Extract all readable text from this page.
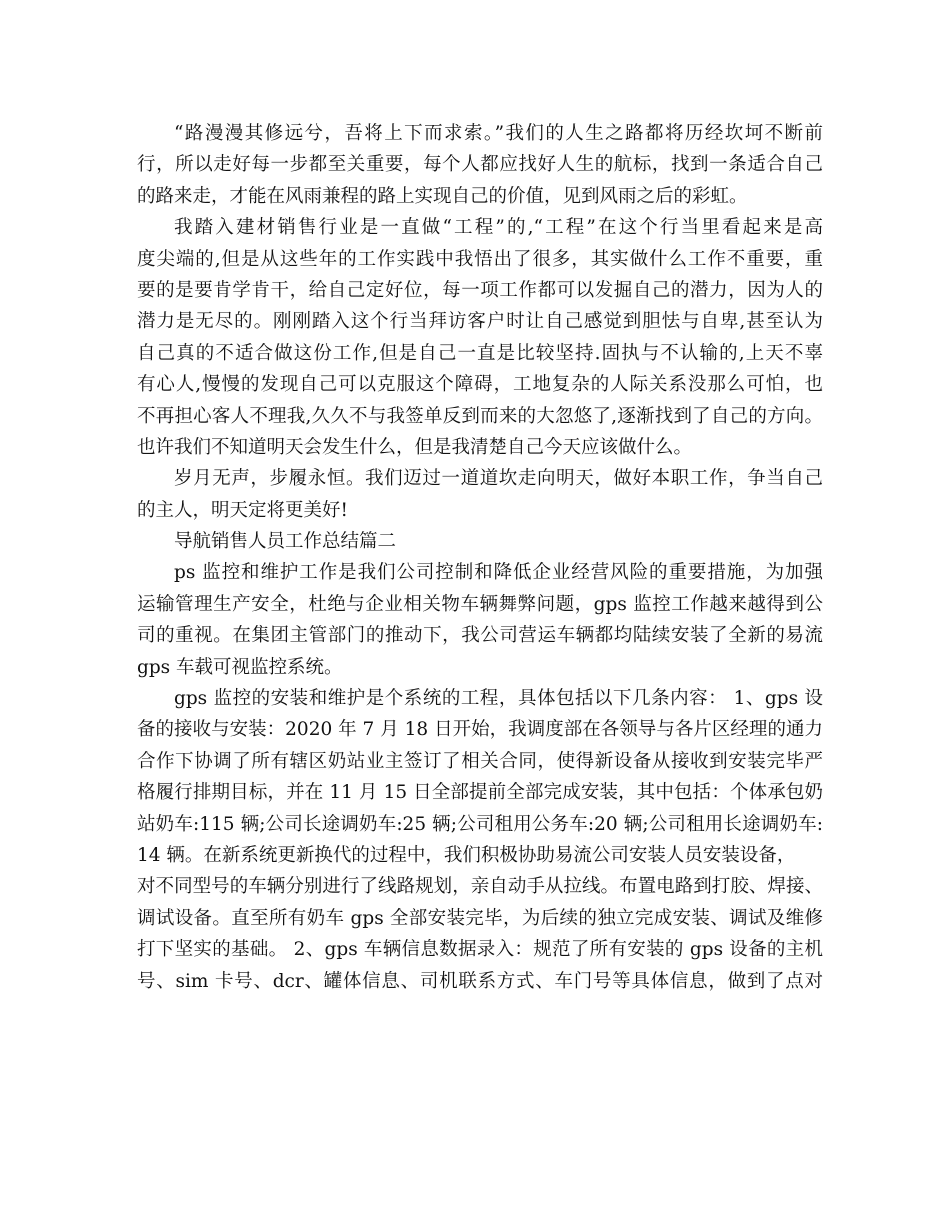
“路漫漫其修远兮，吾将上下而求索。”我们的人生之路都将历经坎坷不断前
行，所以走好每一步都至关重要，每个人都应找好人生的航标，找到一条适合自己
的路来走，才能在风雨兼程的路上实现自己的价值，见到风雨之后的彩虹。
我踏入建材销售行业是一直做“工程”的,“工程”在这个行当里看起来是高
度尖端的,但是从这些年的工作实践中我悟出了很多，其实做什么工作不重要，重
要的是要肯学肯干，给自己定好位，每一项工作都可以发掘自己的潜力，因为人的
潜力是无尽的。刚刚踏入这个行当拜访客户时让自己感觉到胆怯与自卑,甚至认为
自己真的不适合做这份工作,但是自己一直是比较坚持.固执与不认输的,上天不辜
有心人,慢慢的发现自己可以克服这个障碍，工地复杂的人际关系没那么可怕，也
不再担心客人不理我,久久不与我签单反到而来的大忽悠了,逐渐找到了自己的方向。
也许我们不知道明天会发生什么，但是我清楚自己今天应该做什么。
岁月无声，步履永恒。我们迈过一道道坎走向明天，做好本职工作，争当自己
的主人，明天定将更美好!
导航销售人员工作总结篇二
ps 监控和维护工作是我们公司控制和降低企业经营风险的重要措施，为加强
运输管理生产安全，杜绝与企业相关物车辆舞弊问题，gps 监控工作越来越得到公
司的重视。在集团主管部门的推动下，我公司营运车辆都均陆续安装了全新的易流
gps 车载可视监控系统。
gps 监控的安装和维护是个系统的工程，具体包括以下几条内容： 1、gps 设
备的接收与安装：2020 年 7 月 18 日开始，我调度部在各领导与各片区经理的通力
合作下协调了所有辖区奶站业主签订了相关合同，使得新设备从接收到安装完毕严
格履行排期目标，并在 11 月 15 日全部提前全部完成安装，其中包括：个体承包奶
站奶车:115 辆;公司长途调奶车:25 辆;公司租用公务车:20 辆;公司租用长途调奶车:
14 辆。在新系统更新换代的过程中，我们积极协助易流公司安装人员安装设备，
对不同型号的车辆分别进行了线路规划，亲自动手从拉线。布置电路到打胶、焊接、
调试设备。直至所有奶车 gps 全部安装完毕，为后续的独立完成安装、调试及维修
打下坚实的基础。 2、gps 车辆信息数据录入：规范了所有安装的 gps 设备的主机
号、sim 卡号、dcr、罐体信息、司机联系方式、车门号等具体信息，做到了点对
